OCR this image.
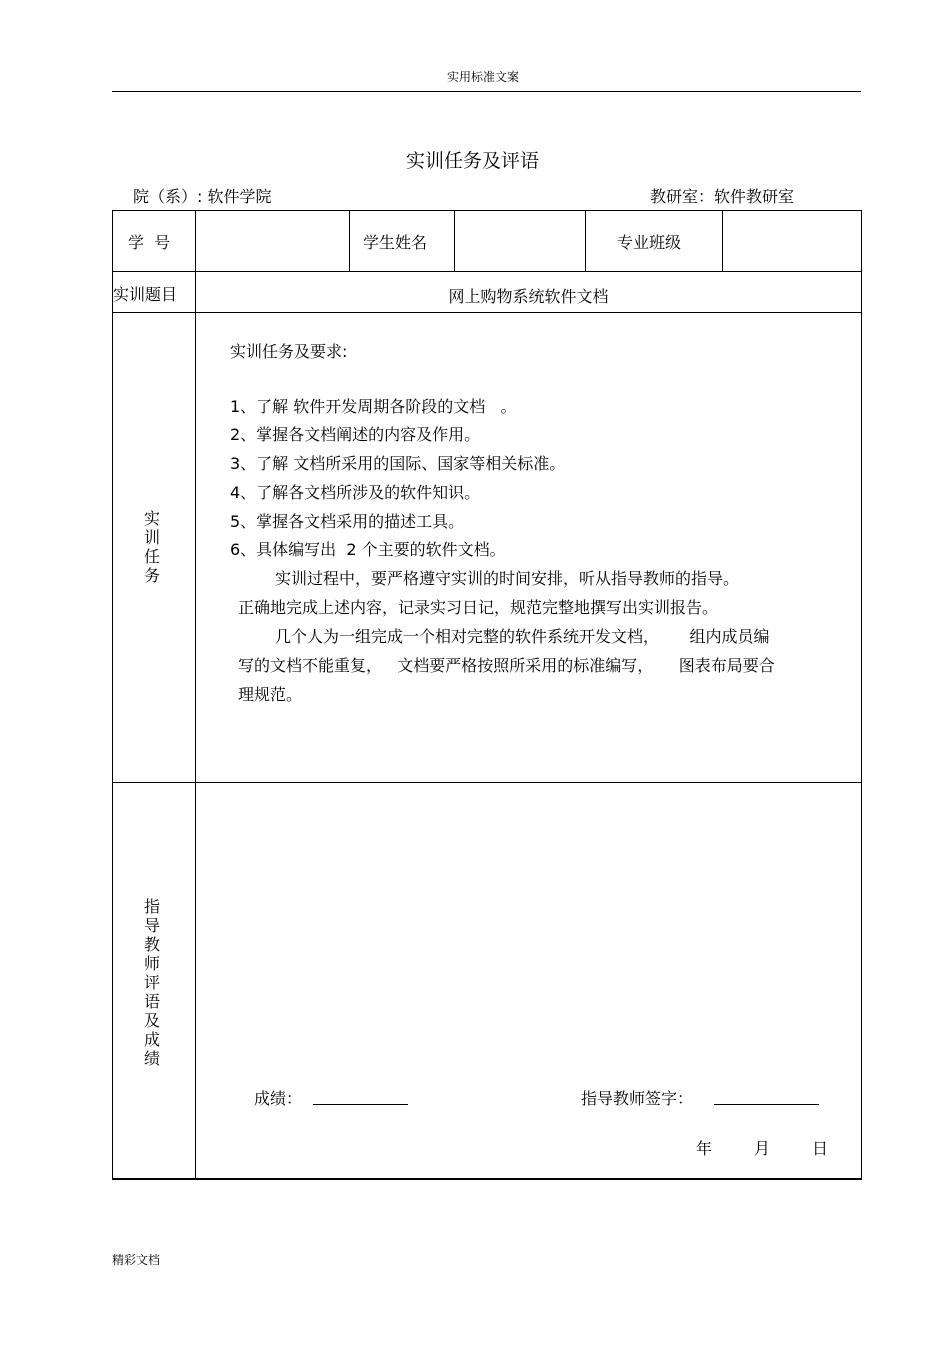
实用标准文案
实训任务及评语
院（系）: 软件学院	教研室：软件教研室
学  号	学生姓名	专业班级
实训题目	网上购物系统软件文档
实训任务
实训任务及要求:
1、了解 软件开发周期各阶段的文档   。
2、掌握各文档阐述的内容及作用。
3、了解 文档所采用的国际、国家等相关标准。
4、了解各文档所涉及的软件知识。
5、掌握各文档采用的描述工具。
6、具体编写出  2 个主要的软件文档。
实训过程中，要严格遵守实训的时间安排，听从指导教师的指导。
正确地完成上述内容，记录实习日记，规范完整地撰写出实训报告。
几个人为一组完成一个相对完整的软件系统开发文档，      组内成员编
写的文档不能重复，   文档要严格按照所采用的标准编写，     图表布局要合
理规范。
指导教师评语及成绩
成绩：	指导教师签字：
年	月	日
精彩文档
